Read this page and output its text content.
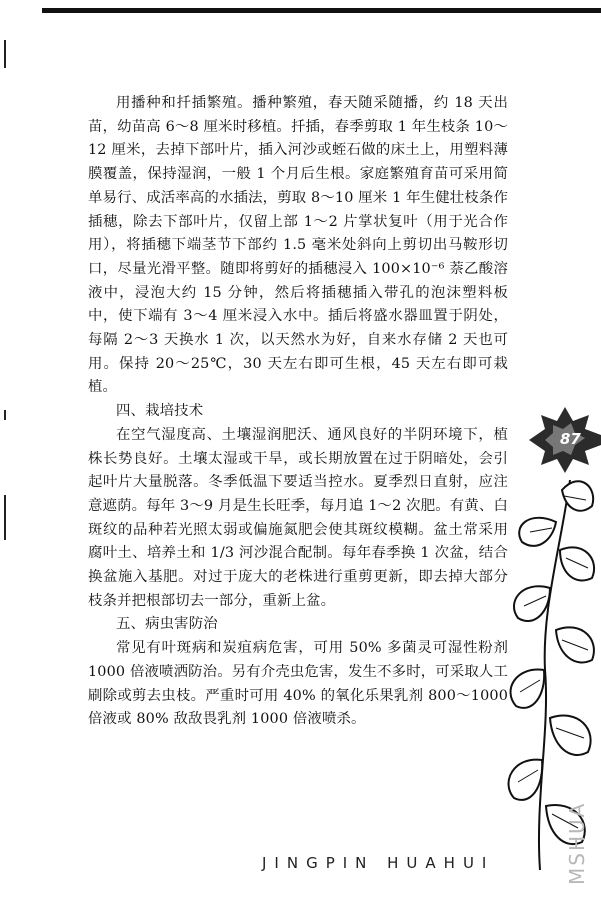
用播种和扦插繁殖。播种繁殖，春天随采随播，约 18 天出苗，幼苗高 6～8 厘米时移植。扦插，春季剪取 1 年生枝条 10～12 厘米，去掉下部叶片，插入河沙或蛭石做的床土上，用塑料薄膜覆盖，保持湿润，一般 1 个月后生根。家庭繁殖育苗可采用简单易行、成活率高的水插法，剪取 8～10 厘米 1 年生健壮枝条作插穗，除去下部叶片，仅留上部 1～2 片掌状复叶（用于光合作用），将插穗下端茎节下部约 1.5 毫米处斜向上剪切出马鞍形切口，尽量光滑平整。随即将剪好的插穗浸入 100×10⁻⁶ 萘乙酸溶液中，浸泡大约 15 分钟，然后将插穗插入带孔的泡沫塑料板中，使下端有 3～4 厘米浸入水中。插后将盛水器皿置于阴处，每隔 2～3 天换水 1 次，以天然水为好，自来水存储 2 天也可用。保持 20～25℃，30 天左右即可生根，45 天左右即可栽植。

四、栽培技术

在空气湿度高、土壤湿润肥沃、通风良好的半阴环境下，植株长势良好。土壤太湿或干旱，或长期放置在过于阴暗处，会引起叶片大量脱落。冬季低温下要适当控水。夏季烈日直射，应注意遮荫。每年 3～9 月是生长旺季，每月追 1～2 次肥。有黄、白斑纹的品种若光照太弱或偏施氮肥会使其斑纹模糊。盆土常采用腐叶土、培养土和 1/3 河沙混合配制。每年春季换 1 次盆，结合换盆施入基肥。对过于庞大的老株进行重剪更新，即去掉大部分枝条并把根部切去一部分，重新上盆。

五、病虫害防治

常见有叶斑病和炭疽病危害，可用 50% 多菌灵可湿性粉剂 1000 倍液喷洒防治。另有介壳虫危害，发生不多时，可采取人工刷除或剪去虫枝。严重时可用 40% 的氧化乐果乳剂 800～1000 倍液或 80% 敌敌畏乳剂 1000 倍液喷杀。

87
JINGPIN HUAHUI	MSHUA
